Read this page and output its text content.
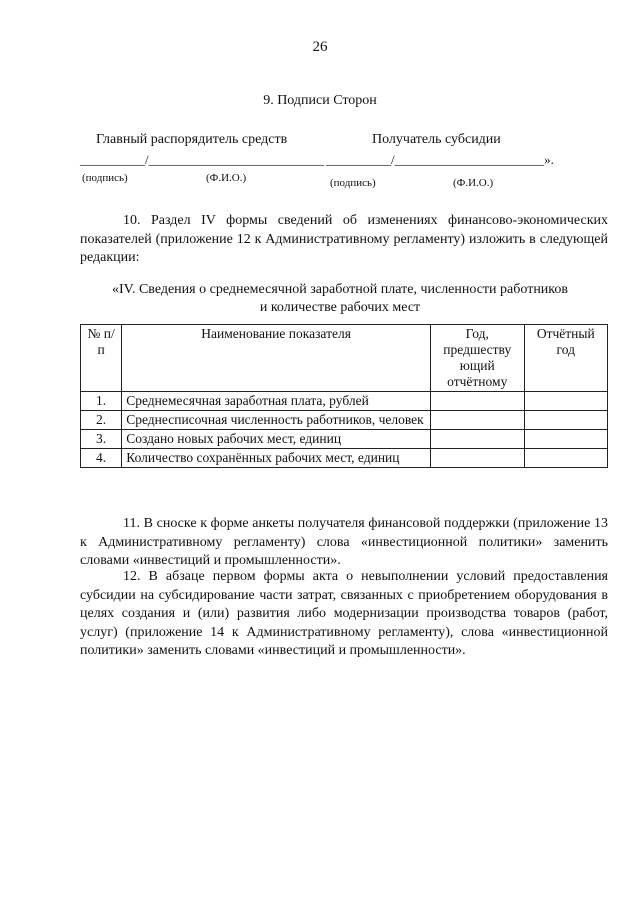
26
9. Подписи Сторон
Главный распорядитель средств	Получатель субсидии
__________/___________________________ __________/_______________________».
(подпись)	(Ф.И.О.)	(подпись)	(Ф.И.О.)
10. Раздел IV формы сведений об изменениях финансово-экономических показателей (приложение 12 к Административному регламенту) изложить в следующей редакции:
«IV. Сведения о среднемесячной заработной плате, численности работников
и количестве рабочих мест
№ п/п	Наименование показателя	Год, предшеству ющий отчётному	Отчётный год
1.	Среднемесячная заработная плата, рублей		
2.	Среднесписочная численность работников, человек		
3.	Создано новых рабочих мест, единиц		
4.	Количество сохранённых рабочих мест, единиц		
11. В сноске к форме анкеты получателя финансовой поддержки (приложение 13 к Административному регламенту) слова «инвестиционной политики» заменить словами «инвестиций и промышленности».
12. В абзаце первом формы акта о невыполнении условий предоставления субсидии на субсидирование части затрат, связанных с приобретением оборудования в целях создания и (или) развития либо модернизации производства товаров (работ, услуг) (приложение 14 к Административному регламенту), слова «инвестиционной политики» заменить словами «инвестиций и промышленности».
